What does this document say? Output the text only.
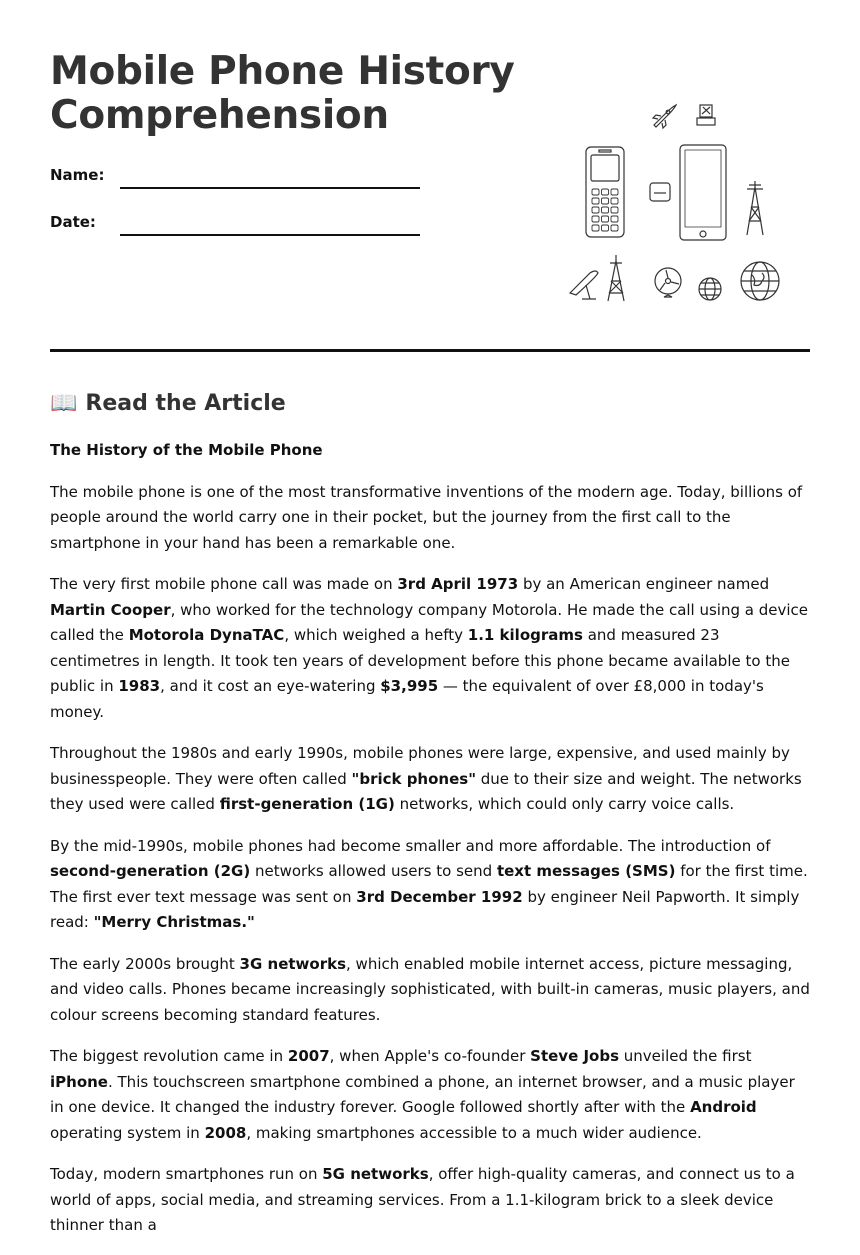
Mobile Phone History
Comprehension
Name:
Date:
📖 Read the Article

The History of the Mobile Phone

The mobile phone is one of the most transformative inventions of the modern age. Today, billions of people around the world carry one in their pocket, but the journey from the first call to the smartphone in your hand has been a remarkable one.

The very first mobile phone call was made on 3rd April 1973 by an American engineer named Martin Cooper, who worked for the technology company Motorola. He made the call using a device called the Motorola DynaTAC, which weighed a hefty 1.1 kilograms and measured 23 centimetres in length. It took ten years of development before this phone became available to the public in 1983, and it cost an eye-watering $3,995 — the equivalent of over £8,000 in today's money.

Throughout the 1980s and early 1990s, mobile phones were large, expensive, and used mainly by businesspeople. They were often called "brick phones" due to their size and weight. The networks they used were called first-generation (1G) networks, which could only carry voice calls.

By the mid-1990s, mobile phones had become smaller and more affordable. The introduction of second-generation (2G) networks allowed users to send text messages (SMS) for the first time. The first ever text message was sent on 3rd December 1992 by engineer Neil Papworth. It simply read: "Merry Christmas."

The early 2000s brought 3G networks, which enabled mobile internet access, picture messaging, and video calls. Phones became increasingly sophisticated, with built-in cameras, music players, and colour screens becoming standard features.

The biggest revolution came in 2007, when Apple's co-founder Steve Jobs unveiled the first iPhone. This touchscreen smartphone combined a phone, an internet browser, and a music player in one device. It changed the industry forever. Google followed shortly after with the Android operating system in 2008, making smartphones accessible to a much wider audience.

Today, modern smartphones run on 5G networks, offer high-quality cameras, and connect us to a world of apps, social media, and streaming services. From a 1.1-kilogram brick to a sleek device thinner than a
